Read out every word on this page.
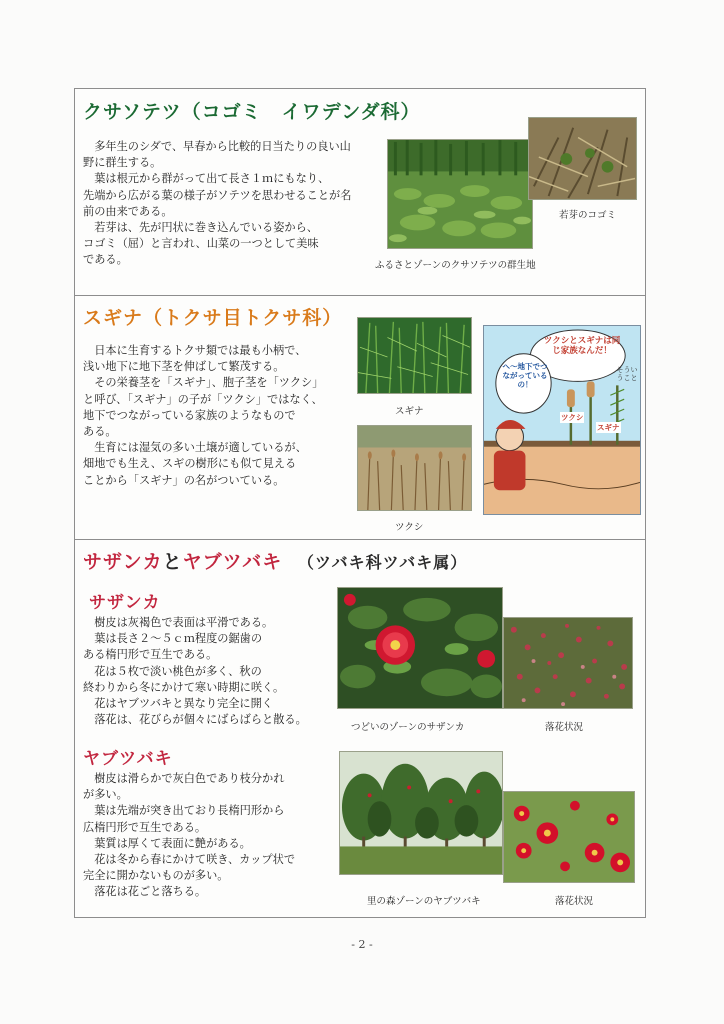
クサソテツ（コゴミ　イワデンダ科）

　多年生のシダで、早春から比較的日当たりの良い山
野に群生する。
　葉は根元から群がって出て長さ１ｍにもなり、
先端から広がる葉の様子がソテツを思わせることが名
前の由来である。
　若芽は、先が円状に巻き込んでいる姿から、
コゴミ（屈）と言われ、山菜の一つとして美味
である。

若芽のコゴミ
ふるさとゾーンのクサソテツの群生地
スギナ（トクサ目トクサ科）

　日本に生育するトクサ類では最も小柄で、
浅い地下に地下茎を伸ばして繁茂する。
　その栄養茎を「スギナ」、胞子茎を「ツクシ」
と呼び、「スギナ」の子が「ツクシ」ではなく、
地下でつながっている家族のようなもので
ある。
　生育には湿気の多い土壌が適しているが、
畑地でも生え、スギの樹形にも似て見える
ことから「スギナ」の名がついている。

スギナ
ツクシ
ツクシとスギナは同じ家族なんだ！
へ〜地下でつながっているの！
そういうこと
ツクシ
スギナ
サザンカとヤブツバキ （ツバキ科ツバキ属）
サザンカ

　樹皮は灰褐色で表面は平滑である。
　葉は長さ２～５ｃｍ程度の鋸歯の
ある楕円形で互生である。
　花は５枚で淡い桃色が多く、秋の
終わりから冬にかけて寒い時期に咲く。
　花はヤブツバキと異なり完全に開く
　落花は、花びらが個々にばらばらと散る。

つどいのゾーンのサザンカ	落花状況
ヤブツバキ

　樹皮は滑らかで灰白色であり枝分かれ
が多い。
　葉は先端が突き出ており長楕円形から
広楕円形で互生である。
　葉質は厚くて表面に艶がある。
　花は冬から春にかけて咲き、カップ状で
完全に開かないものが多い。
　落花は花ごと落ちる。

里の森ゾーンのヤブツバキ	落花状況
- 2 -
